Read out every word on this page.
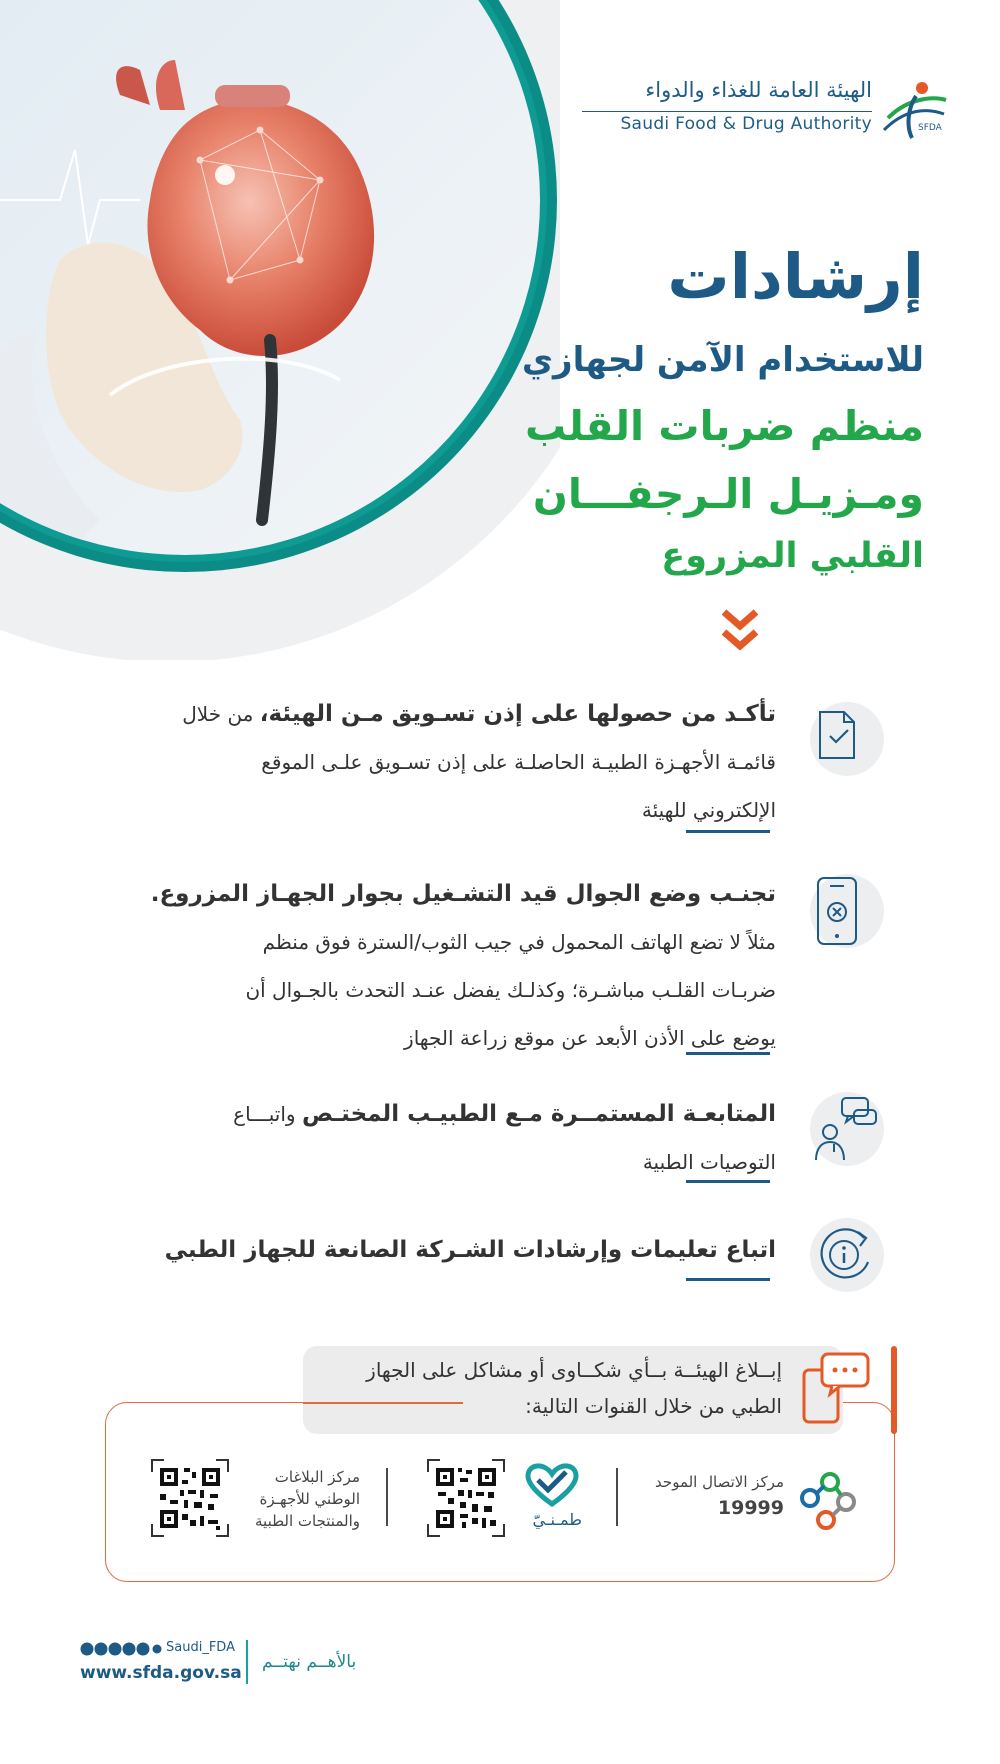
الهيئة العامة للغذاء والدواء
Saudi Food & Drug Authority	SFDA
إرشادات
للاستخدام الآمن لجهازي
منظم ضربات القلب
ومـزيـل الـرجفـــان
القلبي المزروع
تأكـد من حصولها على إذن تسـويق مـن الهيئة، من خلال
قائمـة الأجهـزة الطبيـة الحاصلـة على إذن تسـويق علـى الموقع
الإلكتروني للهيئة
تجنـب وضع الجوال قيد التشـغيل بجوار الجهـاز المزروع.
مثلاً لا تضع الهاتف المحمول في جيب الثوب/السترة فوق منظم
ضربـات القلـب مباشـرة؛ وكذلـك يفضل عنـد التحدث بالجـوال أن
يوضع على الأذن الأبعد عن موقع زراعة الجهاز
المتابعـة المستمــرة مـع الطبيـب المختـص واتبـــاع
التوصيات الطبية
اتباع تعليمات وإرشادات الشـركة الصانعة للجهاز الطبي
إبــلاغ الهيئــة بــأي شكــاوى أو مشاكل على الجهاز
الطبي من خلال القنوات التالية:
مركز الاتصال الموحد
19999
طمـنـيّ
مركز البلاغات
الوطني للأجهـزة
والمنتجات الطبية
Saudi_FDA
www.sfda.gov.sa
بالأهــم نهتــم
